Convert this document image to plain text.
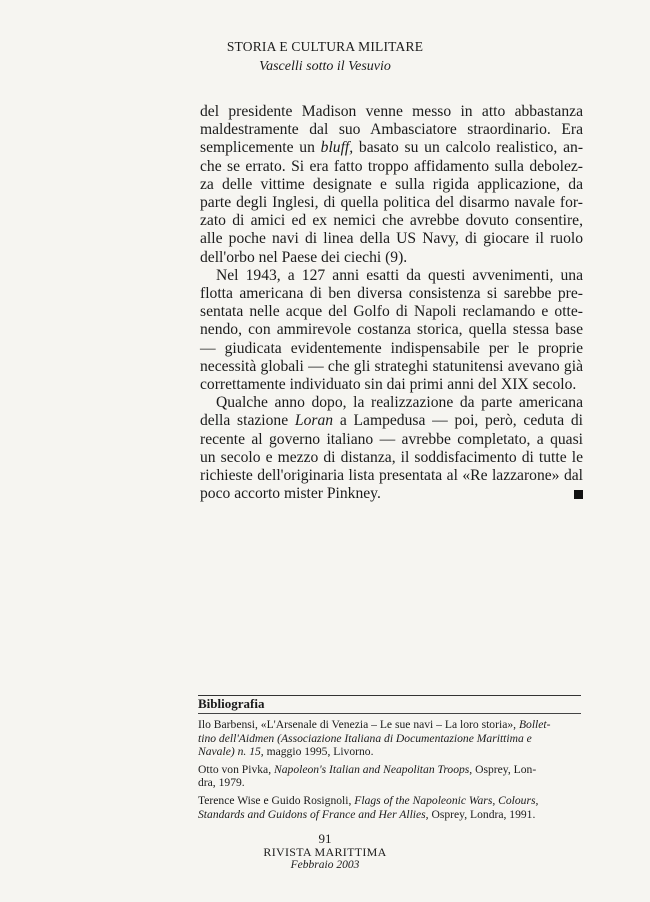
STORIA E CULTURA MILITARE
Vascelli sotto il Vesuvio

del presidente Madison venne messo in atto abbastanza
maldestramente dal suo Ambasciatore straordinario. Era
semplicemente un bluff, basato su un calcolo realistico, an-
che se errato. Si era fatto troppo affidamento sulla debolez-
za delle vittime designate e sulla rigida applicazione, da
parte degli Inglesi, di quella politica del disarmo navale for-
zato di amici ed ex nemici che avrebbe dovuto consentire,
alle poche navi di linea della US Navy, di giocare il ruolo
dell'orbo nel Paese dei ciechi (9).

Nel 1943, a 127 anni esatti da questi avvenimenti, una
flotta americana di ben diversa consistenza si sarebbe pre-
sentata nelle acque del Golfo di Napoli reclamando e otte-
nendo, con ammirevole costanza storica, quella stessa base
— giudicata evidentemente indispensabile per le proprie
necessità globali — che gli strateghi statunitensi avevano già
correttamente individuato sin dai primi anni del XIX secolo.

Qualche anno dopo, la realizzazione da parte americana
della stazione Loran a Lampedusa — poi, però, ceduta di
recente al governo italiano — avrebbe completato, a quasi
un secolo e mezzo di distanza, il soddisfacimento di tutte le
richieste dell'originaria lista presentata al «Re lazzarone» dal
poco accorto mister Pinkney.

Bibliografia
Ilo Barbensi, «L'Arsenale di Venezia – Le sue navi – La loro storia», Bollet-
tino dell'Aidmen (Associazione Italiana di Documentazione Marittima e
Navale) n. 15, maggio 1995, Livorno.
Otto von Pivka, Napoleon's Italian and Neapolitan Troops, Osprey, Lon-
dra, 1979.
Terence Wise e Guido Rosignoli, Flags of the Napoleonic Wars, Colours,
Standards and Guidons of France and Her Allies, Osprey, Londra, 1991.
91
RIVISTA MARITTIMA
Febbraio 2003
